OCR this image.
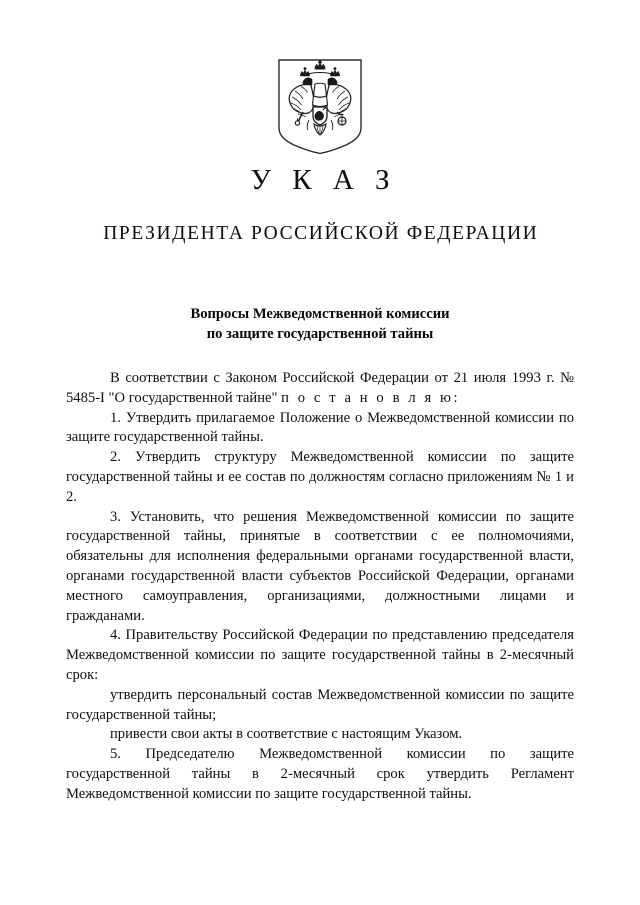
У К А З
ПРЕЗИДЕНТА РОССИЙСКОЙ ФЕДЕРАЦИИ
Вопросы Межведомственной комиссии
по защите государственной тайны

В соответствии с Законом Российской Федерации от 21 июля 1993 г. № 5485-I "О государственной тайне" п о с т а н о в л я ю:

1. Утвердить прилагаемое Положение о Межведомственной комиссии по защите государственной тайны.

2. Утвердить структуру Межведомственной комиссии по защите государственной тайны и ее состав по должностям согласно приложениям № 1 и 2.

3. Установить, что решения Межведомственной комиссии по защите государственной тайны, принятые в соответствии с ее полномочиями, обязательны для исполнения федеральными органами государственной власти, органами государственной власти субъектов Российской Федерации, органами местного самоуправления, организациями, должностными лицами и гражданами.

4. Правительству Российской Федерации по представлению председателя Межведомственной комиссии по защите государственной тайны в 2-месячный срок:

утвердить персональный состав Межведомственной комиссии по защите государственной тайны;

привести свои акты в соответствие с настоящим Указом.

5. Председателю Межведомственной комиссии по защите государственной тайны в 2-месячный срок утвердить Регламент Межведомственной комиссии по защите государственной тайны.
